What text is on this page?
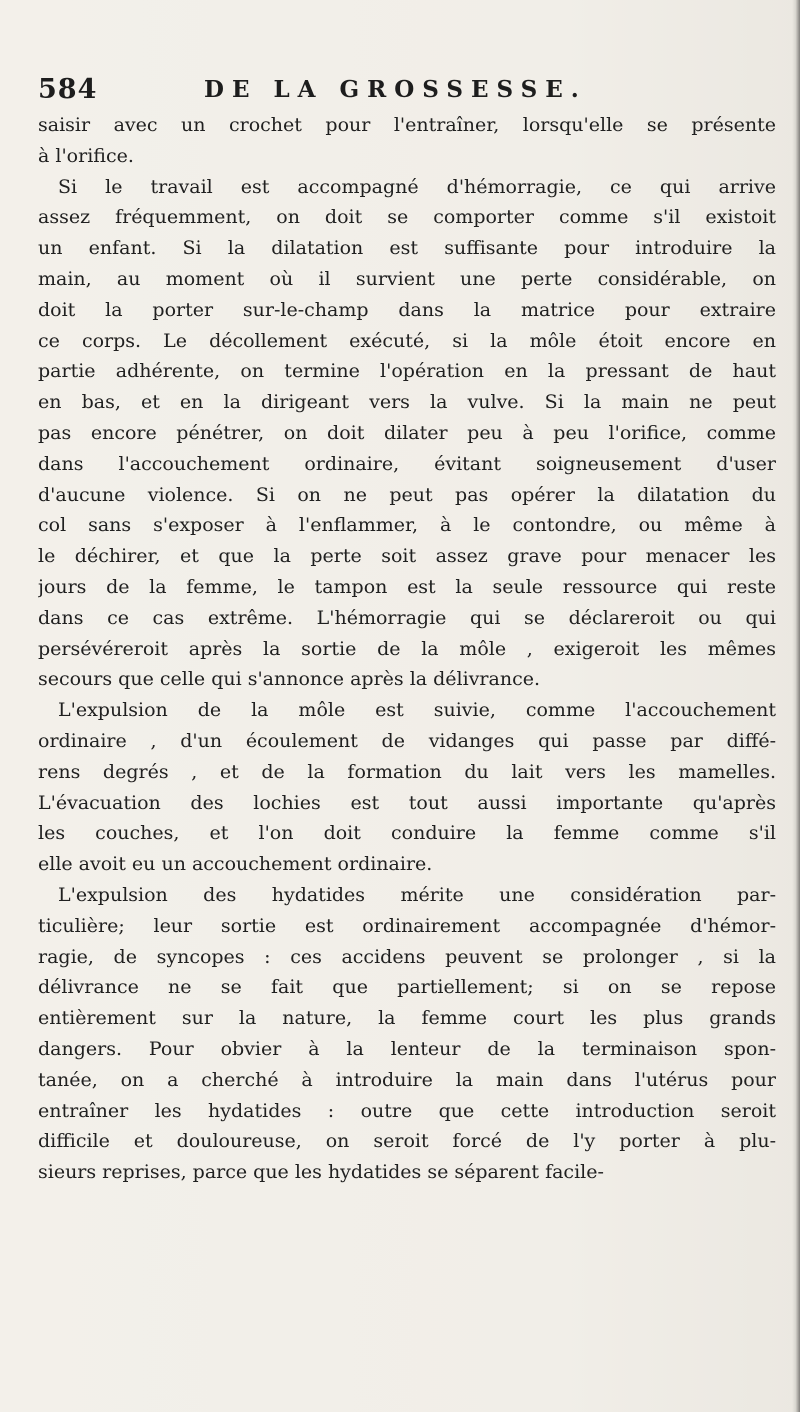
584	DE LA GROSSESSE.
saisir avec un crochet pour l'entraîner, lorsqu'elle se présente
à l'orifice.
Si le travail est accompagné d'hémorragie, ce qui arrive
assez fréquemment, on doit se comporter comme s'il existoit
un enfant. Si la dilatation est suffisante pour introduire la
main, au moment où il survient une perte considérable, on
doit la porter sur-le-champ dans la matrice pour extraire
ce corps. Le décollement exécuté, si la môle étoit encore en
partie adhérente, on termine l'opération en la pressant de haut
en bas, et en la dirigeant vers la vulve. Si la main ne peut
pas encore pénétrer, on doit dilater peu à peu l'orifice, comme
dans l'accouchement ordinaire, évitant soigneusement d'user
d'aucune violence. Si on ne peut pas opérer la dilatation du
col sans s'exposer à l'enflammer, à le contondre, ou même à
le déchirer, et que la perte soit assez grave pour menacer les
jours de la femme, le tampon est la seule ressource qui reste
dans ce cas extrême. L'hémorragie qui se déclareroit ou qui
persévéreroit après la sortie de la môle , exigeroit les mêmes
secours que celle qui s'annonce après la délivrance.
L'expulsion de la môle est suivie, comme l'accouchement
ordinaire , d'un écoulement de vidanges qui passe par diffé-
rens degrés , et de la formation du lait vers les mamelles.
L'évacuation des lochies est tout aussi importante qu'après
les couches, et l'on doit conduire la femme comme s'il
elle avoit eu un accouchement ordinaire.
L'expulsion des hydatides mérite une considération par-
ticulière; leur sortie est ordinairement accompagnée d'hémor-
ragie, de syncopes : ces accidens peuvent se prolonger , si la
délivrance ne se fait que partiellement; si on se repose
entièrement sur la nature, la femme court les plus grands
dangers. Pour obvier à la lenteur de la terminaison spon-
tanée, on a cherché à introduire la main dans l'utérus pour
entraîner les hydatides : outre que cette introduction seroit
difficile et douloureuse, on seroit forcé de l'y porter à plu-
sieurs reprises, parce que les hydatides se séparent facile-
